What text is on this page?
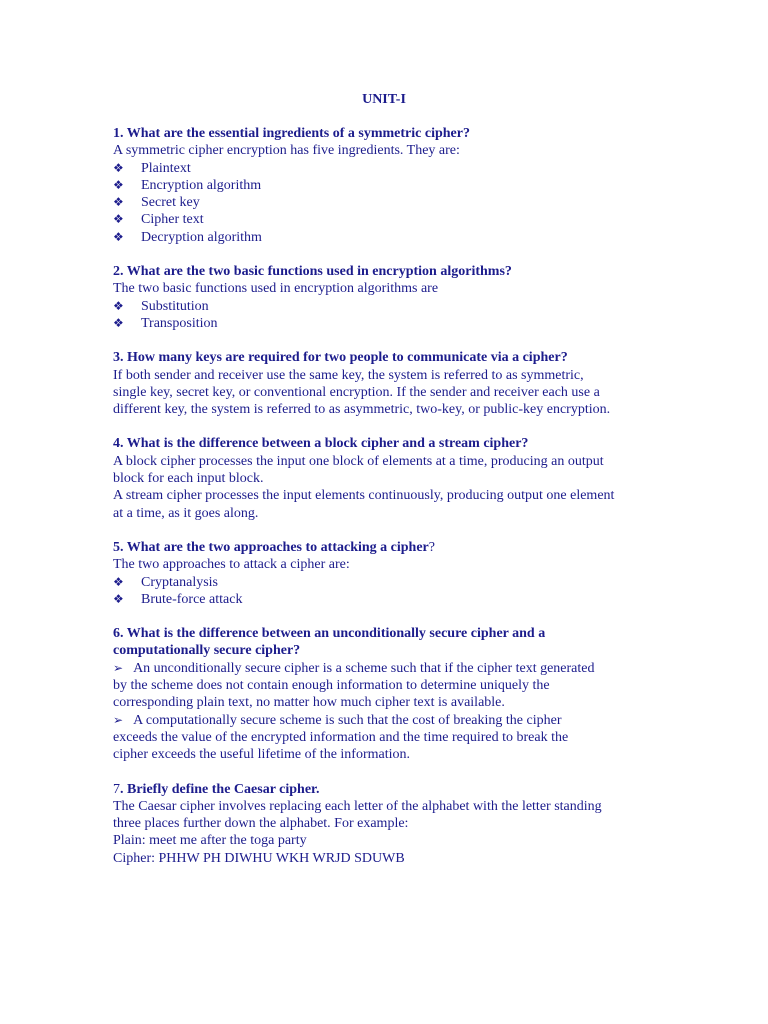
UNIT-I
1. What are the essential ingredients of a symmetric cipher?
A symmetric cipher encryption has five ingredients. They are:
❖ Plaintext
❖ Encryption algorithm
❖ Secret key
❖ Cipher text
❖ Decryption algorithm
2. What are the two basic functions used in encryption algorithms?
The two basic functions used in encryption algorithms are
❖ Substitution
❖ Transposition
3. How many keys are required for two people to communicate via a cipher?
If both sender and receiver use the same key, the system is referred to as symmetric,
single key, secret key, or conventional encryption. If the sender and receiver each use a
different key, the system is referred to as asymmetric, two-key, or public-key encryption.
4. What is the difference between a block cipher and a stream cipher?
A block cipher processes the input one block of elements at a time, producing an output
block for each input block.
A stream cipher processes the input elements continuously, producing output one element
at a time, as it goes along.
5. What are the two approaches to attacking a cipher?
The two approaches to attack a cipher are:
❖ Cryptanalysis
❖ Brute-force attack
6. What is the difference between an unconditionally secure cipher and a
computationally secure cipher?
➢ An unconditionally secure cipher is a scheme such that if the cipher text generated
by the scheme does not contain enough information to determine uniquely the
corresponding plain text, no matter how much cipher text is available.
➢ A computationally secure scheme is such that the cost of breaking the cipher
exceeds the value of the encrypted information and the time required to break the
cipher exceeds the useful lifetime of the information.
7. Briefly define the Caesar cipher.
The Caesar cipher involves replacing each letter of the alphabet with the letter standing
three places further down the alphabet. For example:
Plain: meet me after the toga party
Cipher: PHHW PH DIWHU WKH WRJD SDUWB
